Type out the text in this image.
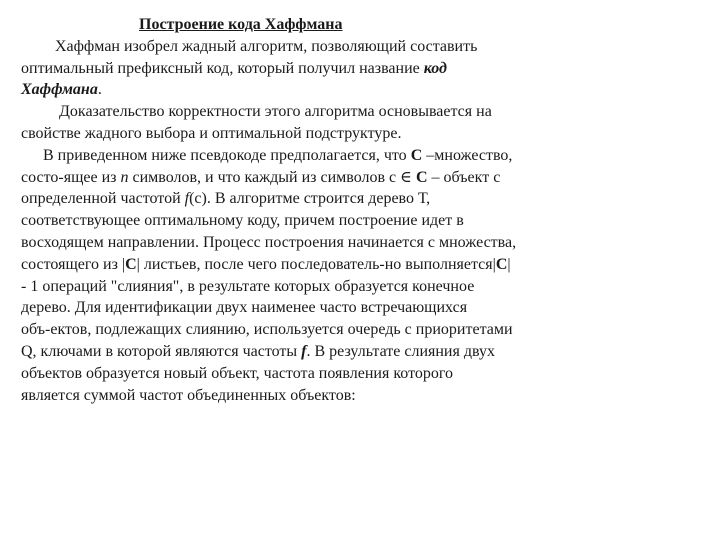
Построение кода Хаффмана
Хаффман изобрел жадный алгоритм, позволяющий составить
оптимальный префиксный код, который получил название код
Хаффмана.
Доказательство корректности этого алгоритма основывается на
свойстве жадного выбора и оптимальной подструктуре.
В приведенном ниже псевдокоде предполагается, что С –множество,
состо-ящее из n символов, и что каждый из символов с ∈ С – объект с
определенной частотой f(с). В алгоритме строится дерево Т,
соответствующее оптимальному коду, причем построение идет в
восходящем направлении. Процесс построения начинается с множества,
состоящего из |С| листьев, после чего последователь-но выполняется|С|
- 1 операций "слияния", в результате которых образуется конечное
дерево. Для идентификации двух наименее часто встречающихся
объ-ектов, подлежащих слиянию, используется очередь с приоритетами
Q, ключами в которой являются частоты f. В результате слияния двух
объектов образуется новый объект, частота появления которого
является суммой частот объединенных объектов:
